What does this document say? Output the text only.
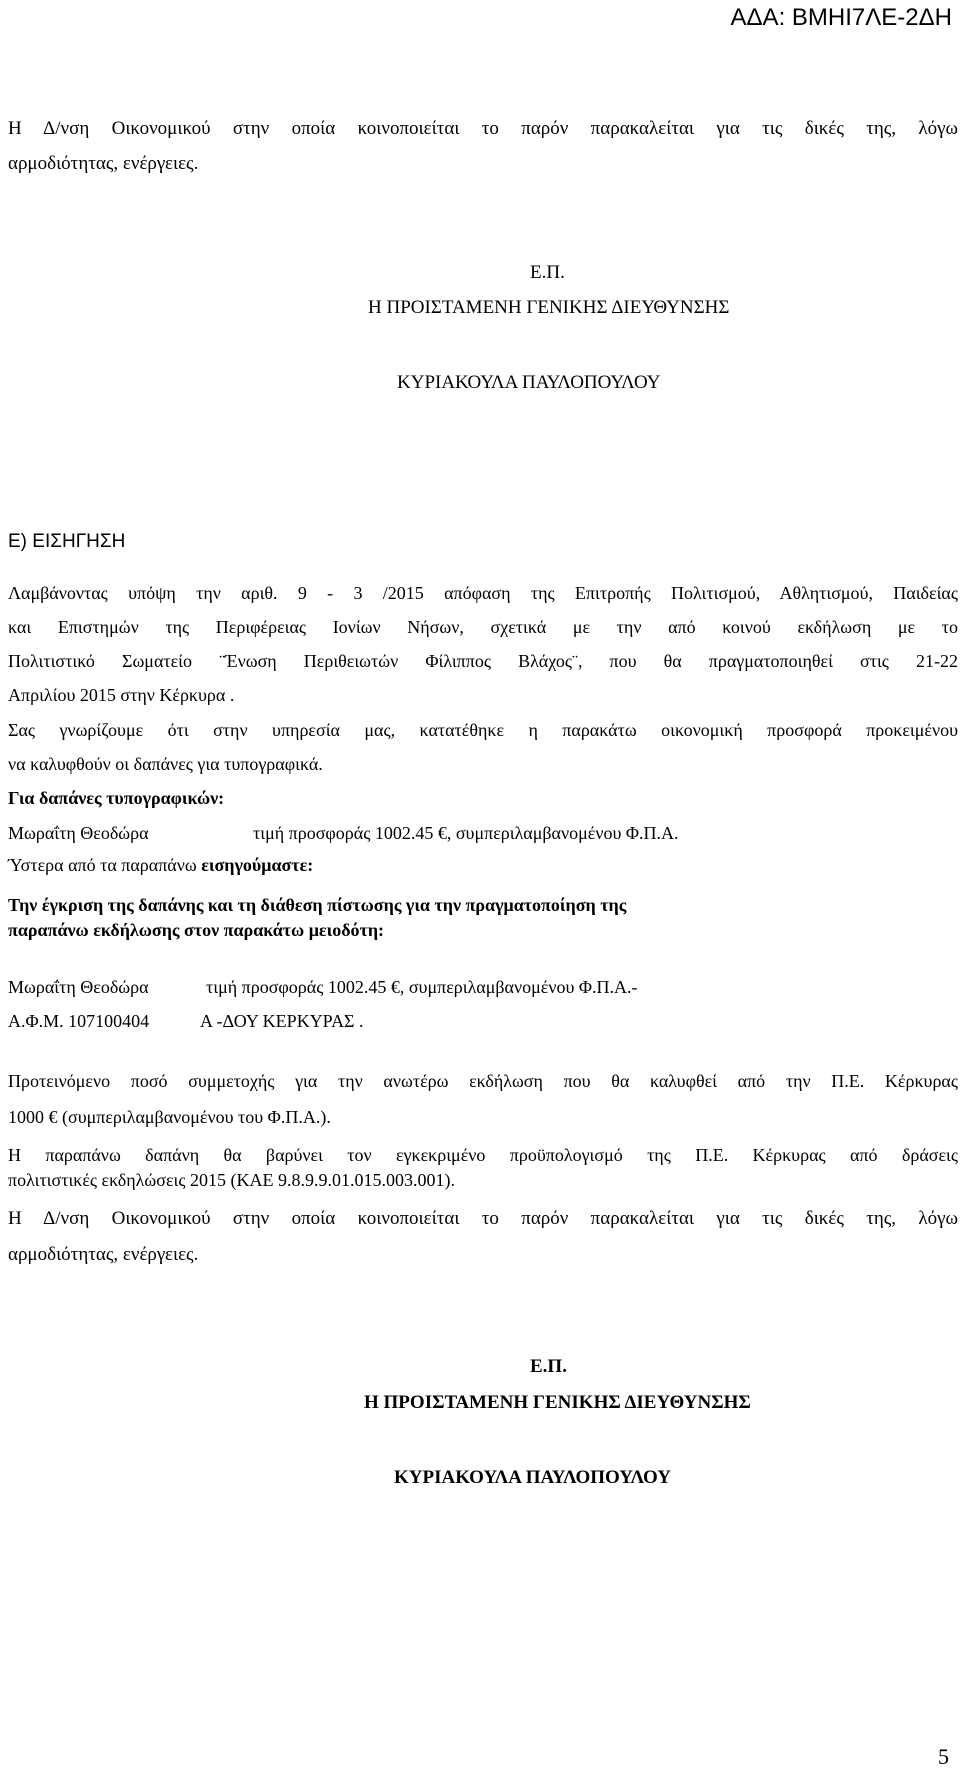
ΑΔΑ: ΒΜΗΙ7ΛΕ-2ΔΗ
Η Δ/νση Οικονομικού στην οποία κοινοποιείται το παρόν παρακαλείται για τις δικές της, λόγω
αρμοδιότητας, ενέργειες.
Ε.Π.
Η ΠΡΟΙΣΤΑΜΕΝΗ ΓΕΝΙΚΗΣ ΔΙΕΥΘΥΝΣΗΣ
ΚΥΡΙΑΚΟΥΛΑ ΠΑΥΛΟΠΟΥΛΟΥ
Ε) ΕΙΣΗΓΗΣΗ
Λαμβάνοντας υπόψη την αριθ. 9 - 3 /2015 απόφαση της Επιτροπής Πολιτισμού, Αθλητισμού, Παιδείας
και Επιστημών της Περιφέρειας Ιονίων Νήσων, σχετικά με την από κοινού εκδήλωση με το
Πολιτιστικό Σωματείο ¨Ένωση Περιθειωτών Φίλιππος Βλάχος¨, που θα πραγματοποιηθεί στις 21-22
Απριλίου 2015 στην Κέρκυρα .
Σας γνωρίζουμε ότι στην υπηρεσία μας, κατατέθηκε η παρακάτω οικονομική προσφορά προκειμένου
να καλυφθούν οι δαπάνες για τυπογραφικά.
Για δαπάνες τυπογραφικών:
Μωραΐτη Θεοδώρα	τιμή προσφοράς 1002.45 €, συμπεριλαμβανομένου Φ.Π.Α.
Ύστερα από τα παραπάνω εισηγούμαστε:
Την έγκριση της δαπάνης και τη διάθεση πίστωσης για την πραγματοποίηση της
παραπάνω εκδήλωσης στον παρακάτω μειοδότη:
Μωραΐτη Θεοδώρα	τιμή προσφοράς 1002.45 €, συμπεριλαμβανομένου Φ.Π.Α.-
Α.Φ.Μ. 107100404	Α -ΔΟΥ ΚΕΡΚΥΡΑΣ .
Προτεινόμενο ποσό συμμετοχής για την ανωτέρω εκδήλωση που θα καλυφθεί από την Π.Ε. Κέρκυρας
1000 € (συμπεριλαμβανομένου του Φ.Π.Α.).
Η παραπάνω δαπάνη θα βαρύνει τον εγκεκριμένο προϋπολογισμό της Π.Ε. Κέρκυρας από δράσεις
πολιτιστικές εκδηλώσεις 2015 (ΚΑΕ 9.8.9.9.01.015.003.001).
Η Δ/νση Οικονομικού στην οποία κοινοποιείται το παρόν παρακαλείται για τις δικές της, λόγω
αρμοδιότητας, ενέργειες.
Ε.Π.
Η ΠΡΟΙΣΤΑΜΕΝΗ ΓΕΝΙΚΗΣ ΔΙΕΥΘΥΝΣΗΣ
ΚΥΡΙΑΚΟΥΛΑ ΠΑΥΛΟΠΟΥΛΟΥ
5
